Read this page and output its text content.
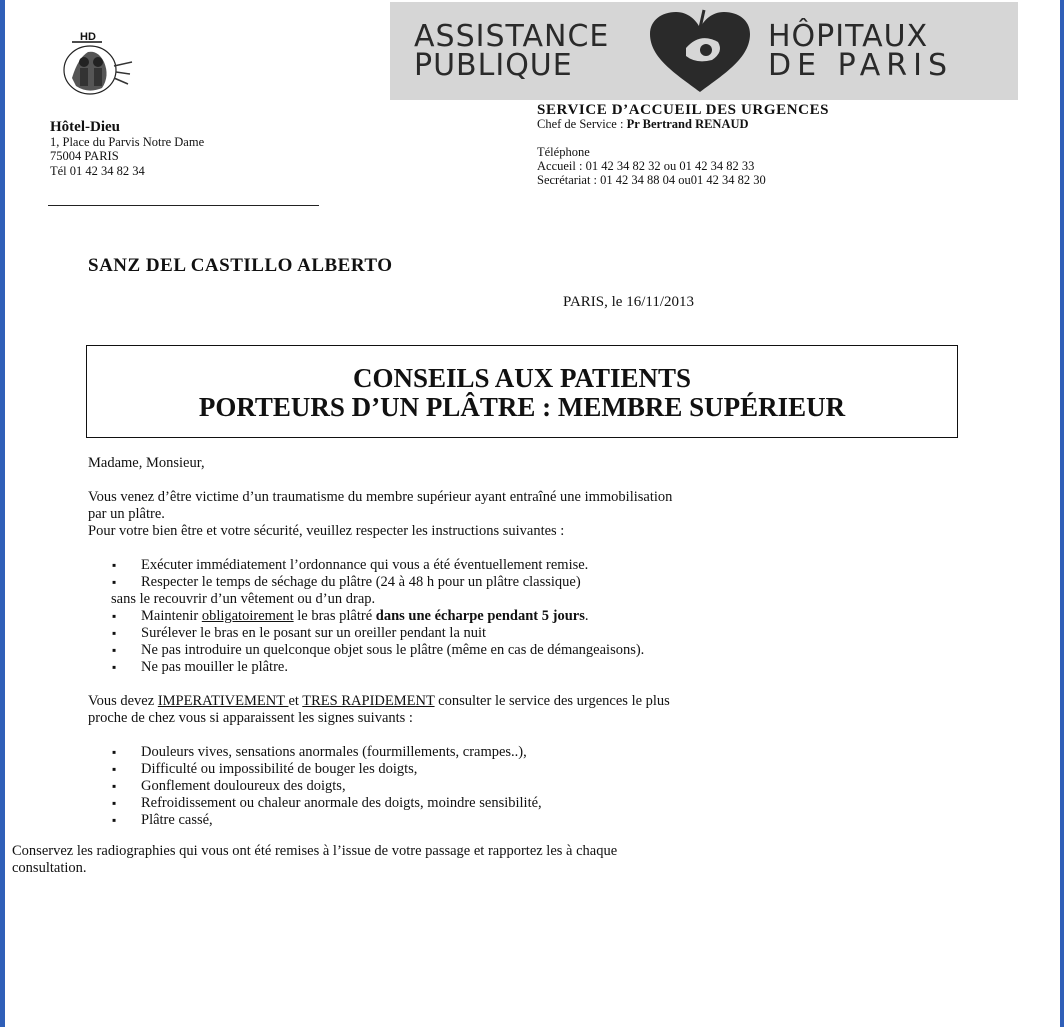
HD	ASSISTANCE
PUBLIQUE
HÔPITAUX
DE PARIS
Hôtel-Dieu
1, Place du Parvis Notre Dame
75004 PARIS
Tél 01 42 34 82 34
SERVICE D’ACCUEIL DES URGENCES
Chef de Service : Pr Bertrand RENAUD
Téléphone
Accueil : 01 42 34 82 32 ou 01 42 34 82 33
Secrétariat : 01 42 34 88 04 ou01 42 34 82 30
SANZ DEL CASTILLO ALBERTO
PARIS, le 16/11/2013
CONSEILS AUX PATIENTS
PORTEURS D’UN PLÂTRE : MEMBRE SUPÉRIEUR

Madame, Monsieur,

Vous venez d’être victime d’un traumatisme du membre supérieur ayant entraîné une immobilisation

par un plâtre.

Pour votre bien être et votre sécurité, veuillez respecter les instructions suivantes :

▪ Exécuter immédiatement l’ordonnance qui vous a été éventuellement remise.

▪ Respecter le temps de séchage du plâtre (24 à 48 h pour un plâtre classique)

sans le recouvrir d’un vêtement ou d’un drap.

▪ Maintenir obligatoirement le bras plâtré dans une écharpe pendant 5 jours.

▪ Surélever le bras en le posant sur un oreiller pendant la nuit

▪ Ne pas introduire un quelconque objet sous le plâtre (même en cas de démangeaisons).

▪ Ne pas mouiller le plâtre.

Vous devez IMPERATIVEMENT et TRES RAPIDEMENT consulter le service des urgences le plus

proche de chez vous si apparaissent les signes suivants :

▪ Douleurs vives, sensations anormales (fourmillements, crampes..),

▪ Difficulté ou impossibilité de bouger les doigts,

▪ Gonflement douloureux des doigts,

▪ Refroidissement ou chaleur anormale des doigts, moindre sensibilité,

▪ Plâtre cassé,

Conservez les radiographies qui vous ont été remises à l’issue de votre passage et rapportez les à chaque

consultation.
